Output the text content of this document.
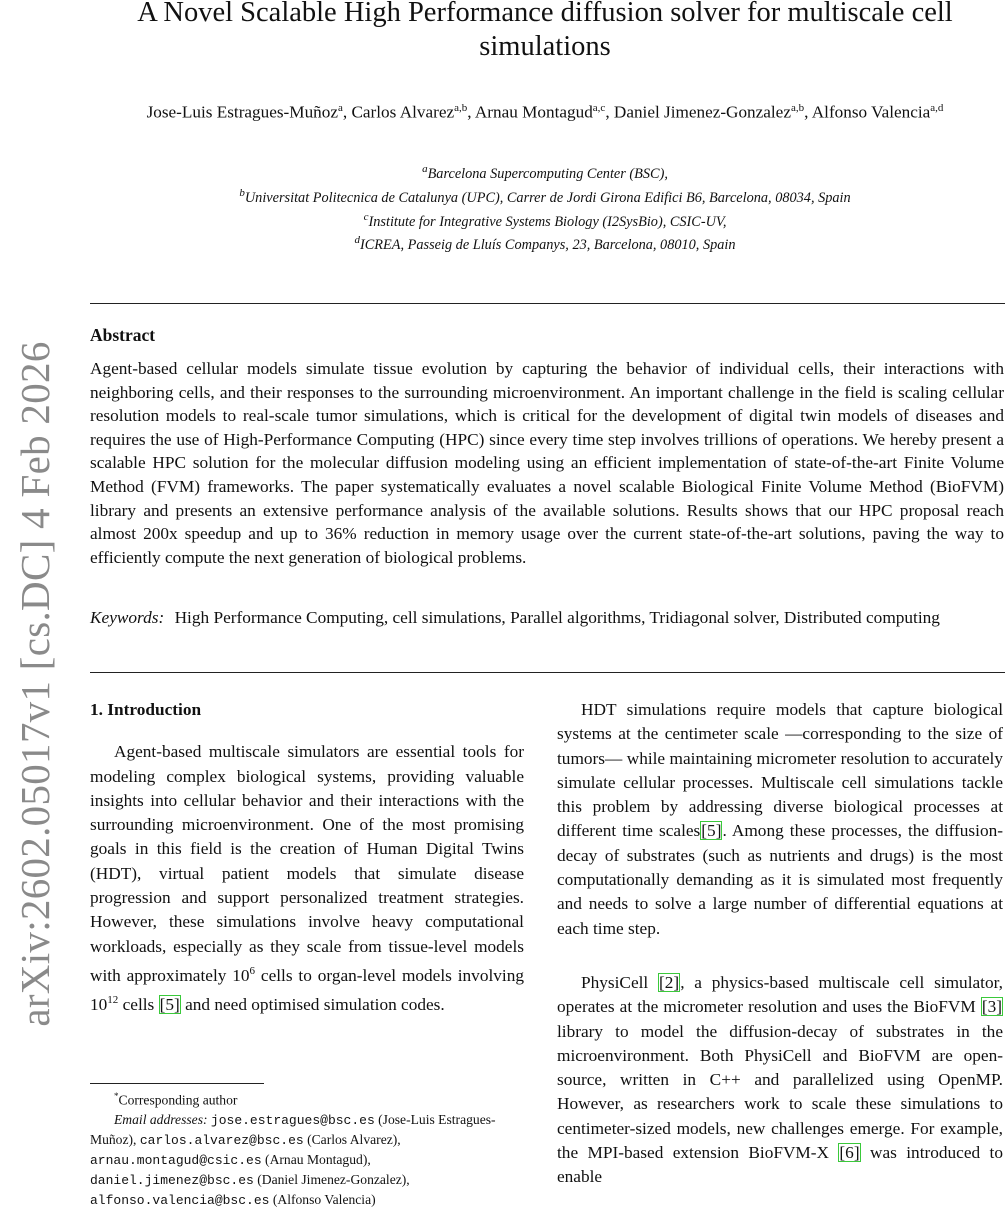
arXiv:2602.05017v1 [cs.DC] 4 Feb 2026
A Novel Scalable High Performance diffusion solver for multiscale cell simulations
Jose-Luis Estragues-Muñoz$^a$, Carlos Alvarez$^{a,b}$, Arnau Montagud$^{a,c}$, Daniel Jimenez-Gonzalez$^{a,b}$, Alfonso Valencia$^{a,d}$
$^a$Barcelona Supercomputing Center (BSC),
$^b$Universitat Politecnica de Catalunya (UPC), Carrer de Jordi Girona Edifici B6, Barcelona, 08034, Spain
$^c$Institute for Integrative Systems Biology (I2SysBio), CSIC-UV,
$^d$ICREA, Passeig de Lluís Companys, 23, Barcelona, 08010, Spain
Abstract

Agent-based cellular models simulate tissue evolution by capturing the behavior of individual cells, their interactions with neighboring cells, and their responses to the surrounding microenvironment. An important challenge in the field is scaling cellular resolution models to real-scale tumor simulations, which is critical for the development of digital twin models of diseases and requires the use of High-Performance Computing (HPC) since every time step involves trillions of operations. We hereby present a scalable HPC solution for the molecular diffusion modeling using an efficient implementation of state-of-the-art Finite Volume Method (FVM) frameworks. The paper systematically evaluates a novel scalable Biological Finite Volume Method (BioFVM) library and presents an extensive performance analysis of the available solutions. Results shows that our HPC proposal reach almost 200x speedup and up to 36% reduction in memory usage over the current state-of-the-art solutions, paving the way to efficiently compute the next generation of biological problems.

Keywords: High Performance Computing, cell simulations, Parallel algorithms, Tridiagonal solver, Distributed computing

1. Introduction

Agent-based multiscale simulators are essential tools for modeling complex biological systems, providing valuable insights into cellular behavior and their interactions with the surrounding microenvironment. One of the most promising goals in this field is the creation of Human Digital Twins (HDT), virtual patient models that simulate disease progression and support personalized treatment strategies. However, these simulations involve heavy computational workloads, especially as they scale from tissue-level models with approximately $10^6$ cells to organ-level models involving $10^{12}$ cells [5] and need optimised simulation codes.

HDT simulations require models that capture biological systems at the centimeter scale —corresponding to the size of tumors— while maintaining micrometer resolution to accurately simulate cellular processes. Multiscale cell simulations tackle this problem by addressing diverse biological processes at different time scales[5]. Among these processes, the diffusion-decay of substrates (such as nutrients and drugs) is the most computationally demanding as it is simulated most frequently and needs to solve a large number of differential equations at each time step.

PhysiCell [2], a physics-based multiscale cell simulator, operates at the micrometer resolution and uses the BioFVM [3] library to model the diffusion-decay of substrates in the microenvironment. Both PhysiCell and BioFVM are open-source, written in C++ and parallelized using OpenMP. However, as researchers work to scale these simulations to centimeter-sized models, new challenges emerge. For example, the MPI-based extension BioFVM-X [6] was introduced to enable

*Corresponding author

Email addresses: jose.estragues@bsc.es (Jose-Luis Estragues-Muñoz), carlos.alvarez@bsc.es (Carlos Alvarez), arnau.montagud@csic.es (Arnau Montagud), daniel.jimenez@bsc.es (Daniel Jimenez-Gonzalez), alfonso.valencia@bsc.es (Alfonso Valencia)
